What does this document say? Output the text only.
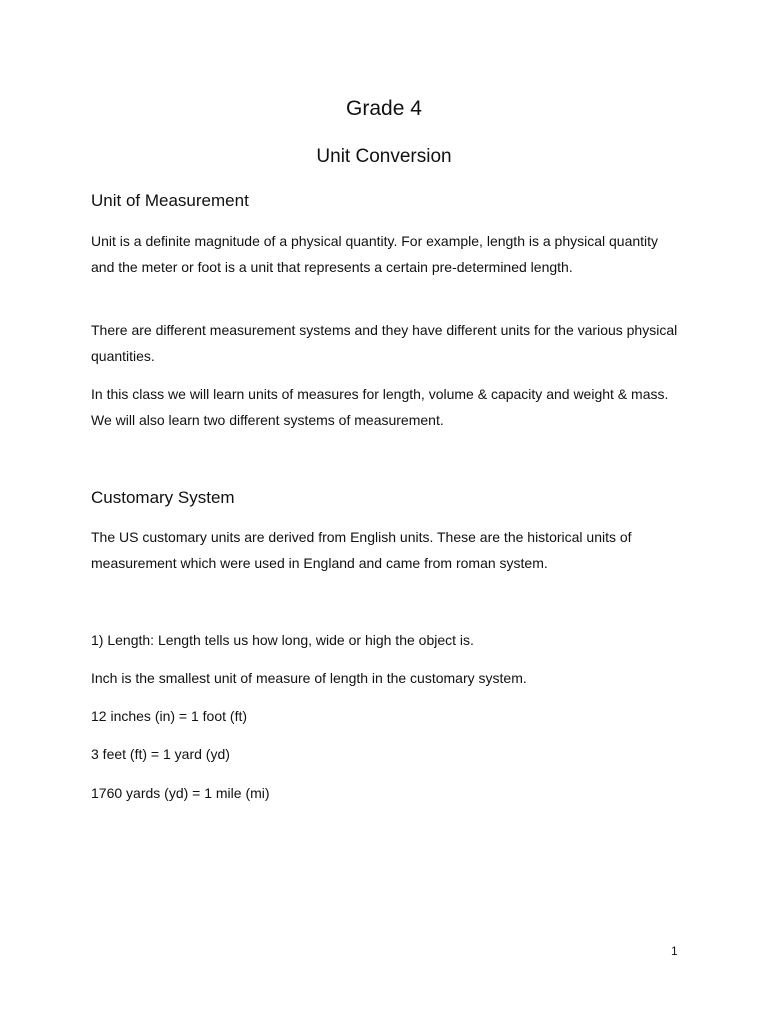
Grade 4
Unit Conversion
Unit of Measurement
Unit is a definite magnitude of a physical quantity. For example, length is a physical quantity and the meter or foot is a unit that represents a certain pre-determined length.
There are different measurement systems and they have different units for the various physical quantities.
In this class we will learn units of measures for length, volume & capacity and weight & mass. We will also learn two different systems of measurement.
Customary System
The US customary units are derived from English units. These are the historical units of measurement which were used in England and came from roman system.
1) Length: Length tells us how long, wide or high the object is.
Inch is the smallest unit of measure of length in the customary system.
12 inches (in) = 1 foot (ft)
3 feet (ft) = 1 yard (yd)
1760 yards (yd) = 1 mile (mi)
1
